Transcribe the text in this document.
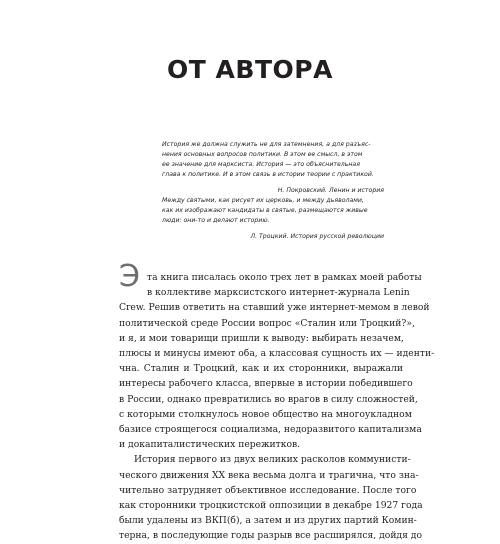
ОТ АВТОРА
История же должна служить не для затемнения, а для разъяс-
нения основных вопросов политики. В этом ее смысл, в этом
ее значение для марксиста. История — это объяснительная
глава к политике. И в этом связь в истории теории с практикой.
Н. Покровский. Ленин и история
Между святыми, как рисует их церковь, и между дьяволами,
как их изображают кандидаты в святые, размещаются живые
люди: они-то и делают историю.
Л. Троцкий. История русской революции
Э та книга писалась около трех лет в рамках моей работы
в коллективе марксистского интернет-журнала Lenin
Crew. Решив ответить на ставший уже интернет-мемом в левой
политической среде России вопрос «Сталин или Троцкий?»,
и я, и мои товарищи пришли к выводу: выбирать незачем,
плюсы и минусы имеют оба, а классовая сущность их — иденти-
чна. Сталин и Троцкий, как и их сторонники, выражали
интересы рабочего класса, впервые в истории победившего
в России, однако превратились во врагов в силу сложностей,
с которыми столкнулось новое общество на многоукладном
базисе строящегося социализма, недоразвитого капитализма
и докапиталистических пережитков.
История первого из двух великих расколов коммунисти-
ческого движения XX века весьма долга и трагична, что зна-
чительно затрудняет объективное исследование. После того
как сторонники троцкистской оппозиции в декабре 1927 года
были удалены из ВКП(б), а затем и из других партий Комин-
терна, в последующие годы разрыв все расширялся, дойдя до
